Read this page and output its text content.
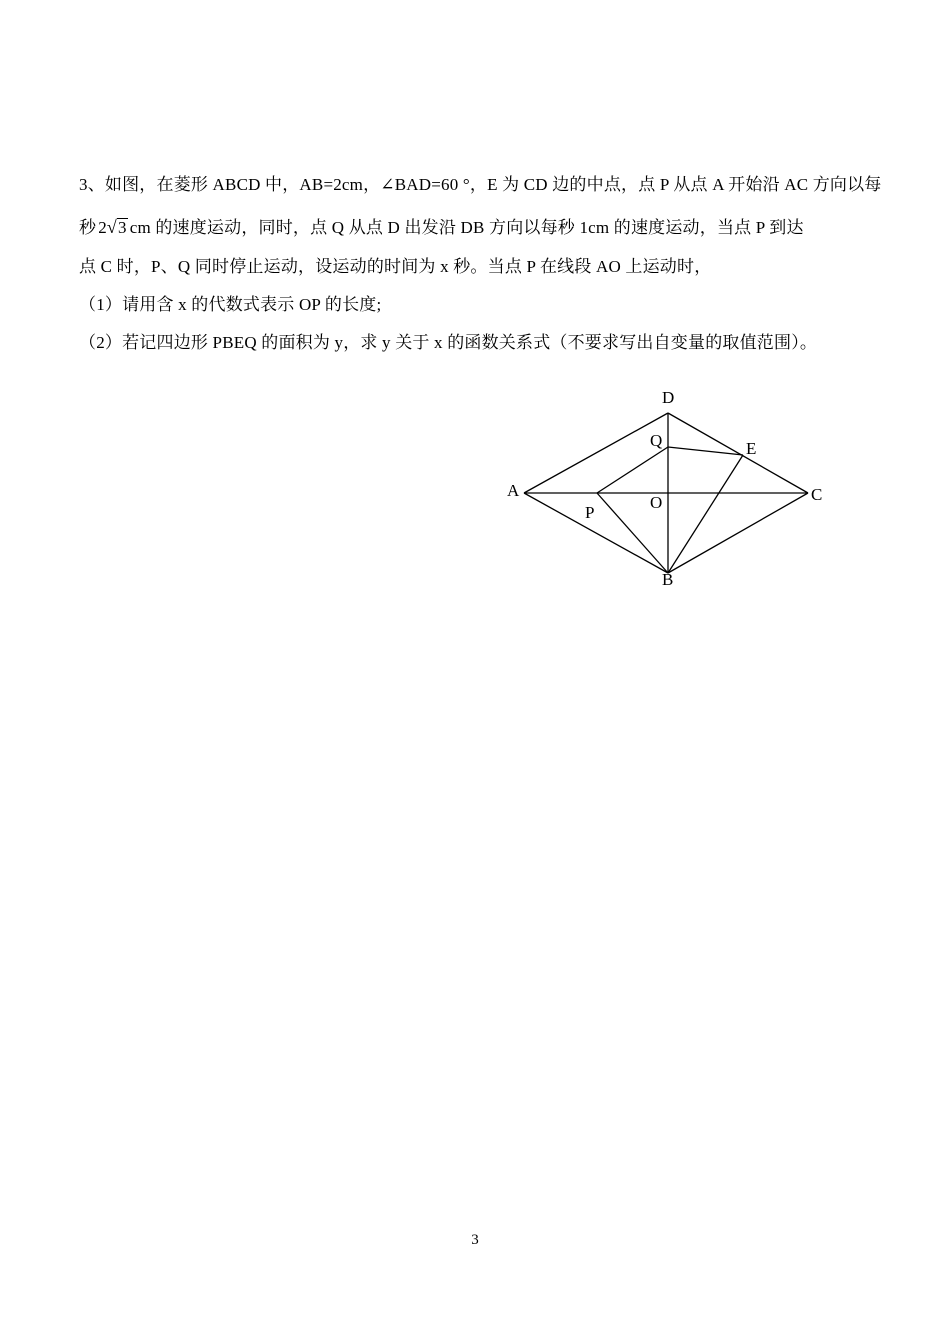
3、如图，在菱形 ABCD 中，AB=2cm，∠BAD=60 °，E 为 CD 边的中点，点 P 从点 A 开始沿 AC 方向以每
秒 2√3 cm 的速度运动，同时，点 Q 从点 D 出发沿 DB 方向以每秒 1cm 的速度运动，当点 P 到达
点 C 时，P、Q 同时停止运动，设运动的时间为 x 秒。当点 P 在线段 AO 上运动时，
（1）请用含 x 的代数式表示 OP 的长度;
（2）若记四边形 PBEQ 的面积为 y，求 y 关于 x 的函数关系式（不要求写出自变量的取值范围）。
D
Q	E
A
O	C
P
B
3
